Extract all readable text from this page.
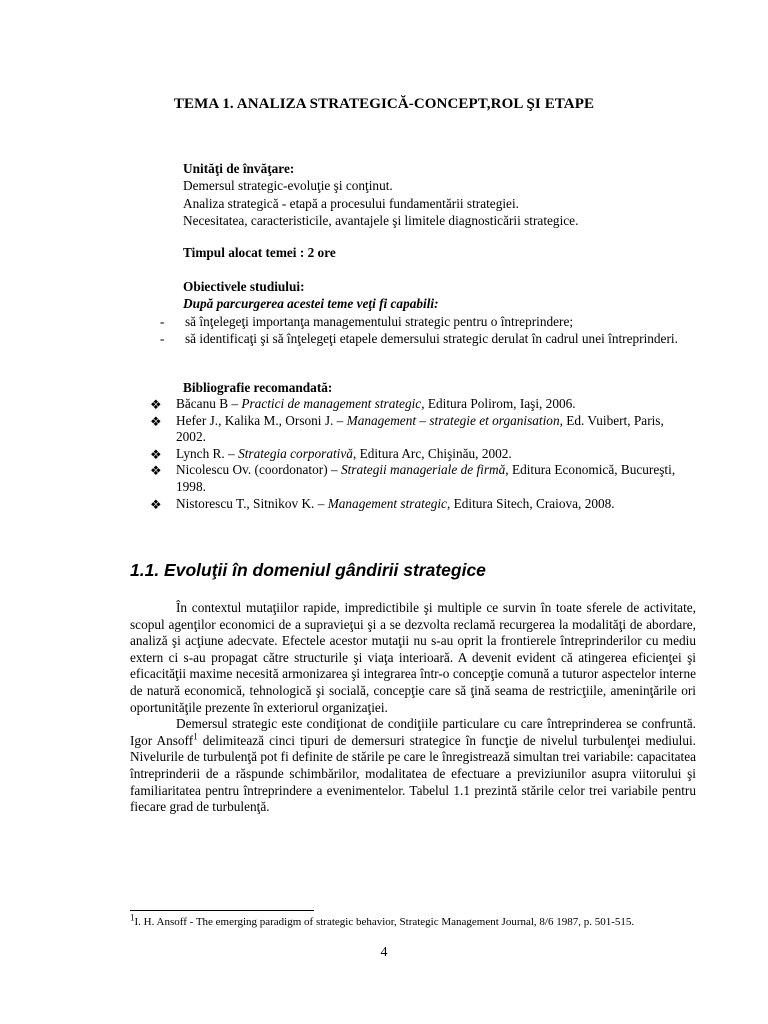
TEMA 1. ANALIZA STRATEGICĂ-CONCEPT,ROL ŞI ETAPE
Unităţi de învăţare:
Demersul strategic-evoluţie şi conţinut.
Analiza strategică - etapă a procesului fundamentării strategiei.
Necesitatea, caracteristicile, avantajele şi limitele diagnosticării strategice.
Timpul alocat temei : 2 ore
Obiectivele studiului:
După parcurgerea acestei teme veţi fi capabili:
- să înţelegeţi importanţa managementului strategic pentru o întreprindere;
- să identificaţi şi să înţelegeţi etapele demersului strategic derulat în cadrul unei întreprinderi.
Bibliografie recomandată:
❖ Băcanu B – Practici de management strategic, Editura Polirom, Iaşi, 2006.
❖ Hefer J., Kalika M., Orsoni J. – Management – strategie et organisation, Ed. Vuibert, Paris, 2002.
❖ Lynch R. – Strategia corporativă, Editura Arc, Chişinău, 2002.
❖ Nicolescu Ov. (coordonator) – Strategii manageriale de firmă, Editura Economică, Bucureşti, 1998.
❖ Nistorescu T., Sitnikov K. – Management strategic, Editura Sitech, Craiova, 2008.
1.1. Evoluţii în domeniul gândirii strategice

În contextul mutaţiilor rapide, impredictibile şi multiple ce survin în toate sferele de activitate, scopul agenţilor economici de a supravieţui şi a se dezvolta reclamă recurgerea la modalităţi de abordare, analiză şi acţiune adecvate. Efectele acestor mutaţii nu s-au oprit la frontierele întreprinderilor cu mediu extern ci s-au propagat către structurile şi viaţa interioară. A devenit evident că atingerea eficienţei şi eficacităţii maxime necesită armonizarea şi integrarea într-o concepţie comună a tuturor aspectelor interne de natură economică, tehnologică şi socială, concepţie care să ţină seama de restricţiile, ameninţările ori oportunităţile prezente în exteriorul organizaţiei.

Demersul strategic este condiţionat de condiţiile particulare cu care întreprinderea se confruntă. Igor Ansoff$^1$ delimitează cinci tipuri de demersuri strategice în funcţie de nivelul turbulenţei mediului. Nivelurile de turbulenţă pot fi definite de stările pe care le înregistrează simultan trei variabile: capacitatea întreprinderii de a răspunde schimbărilor, modalitatea de efectuare a previziunilor asupra viitorului şi familiaritatea pentru întreprindere a evenimentelor. Tabelul 1.1 prezintă stările celor trei variabile pentru fiecare grad de turbulenţă.

$^1$I. H. Ansoff - The emerging paradigm of strategic behavior, Strategic Management Journal, 8/6 1987, p. 501-515.
4
